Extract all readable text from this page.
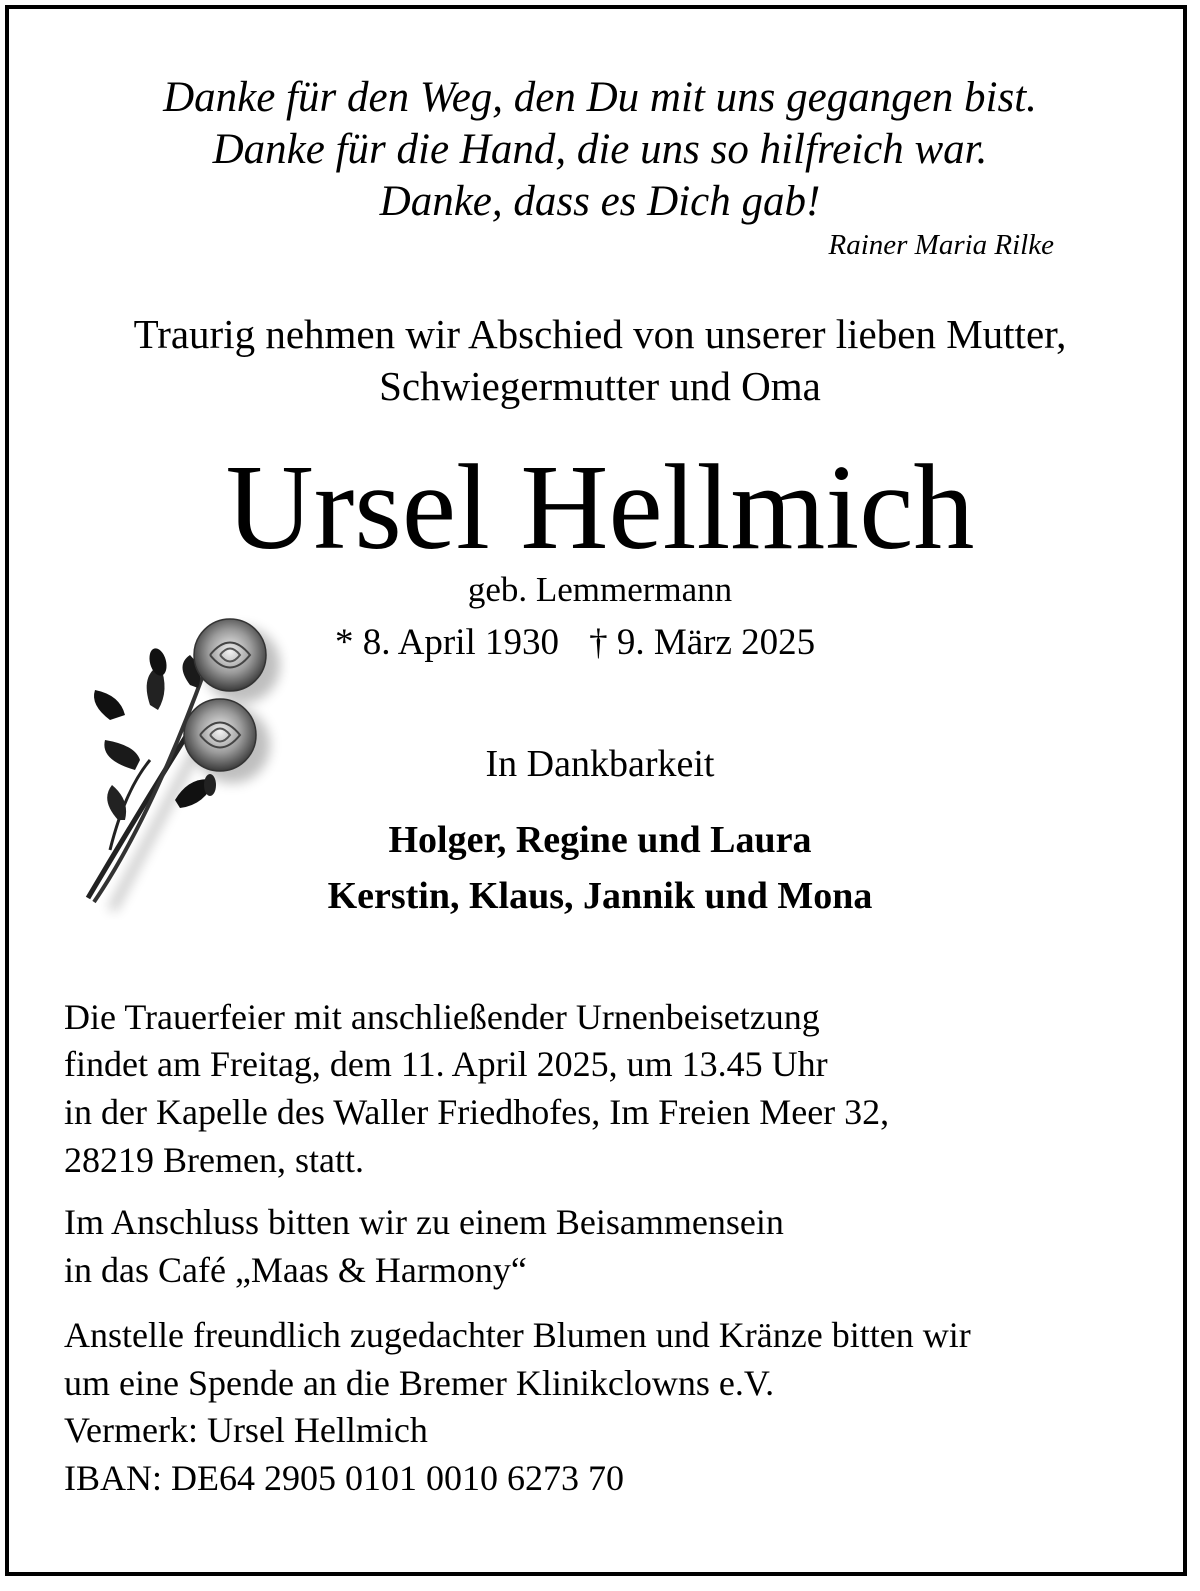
Danke für den Weg, den Du mit uns gegangen bist.
Danke für die Hand, die uns so hilfreich war.
Danke, dass es Dich gab!
Rainer Maria Rilke
Traurig nehmen wir Abschied von unserer lieben Mutter,
Schwiegermutter und Oma
Ursel Hellmich
geb. Lemmermann
* 8. April 1930 † 9. März 2025
In Dankbarkeit
Holger, Regine und Laura
Kerstin, Klaus, Jannik und Mona
Die Trauerfeier mit anschließender Urnenbeisetzung
findet am Freitag, dem 11. April 2025, um 13.45 Uhr
in der Kapelle des Waller Friedhofes, Im Freien Meer 32,
28219 Bremen, statt.
Im Anschluss bitten wir zu einem Beisammensein
in das Café „Maas & Harmony“
Anstelle freundlich zugedachter Blumen und Kränze bitten wir
um eine Spende an die Bremer Klinikclowns e.V.
Vermerk: Ursel Hellmich
IBAN: DE64 2905 0101 0010 6273 70
